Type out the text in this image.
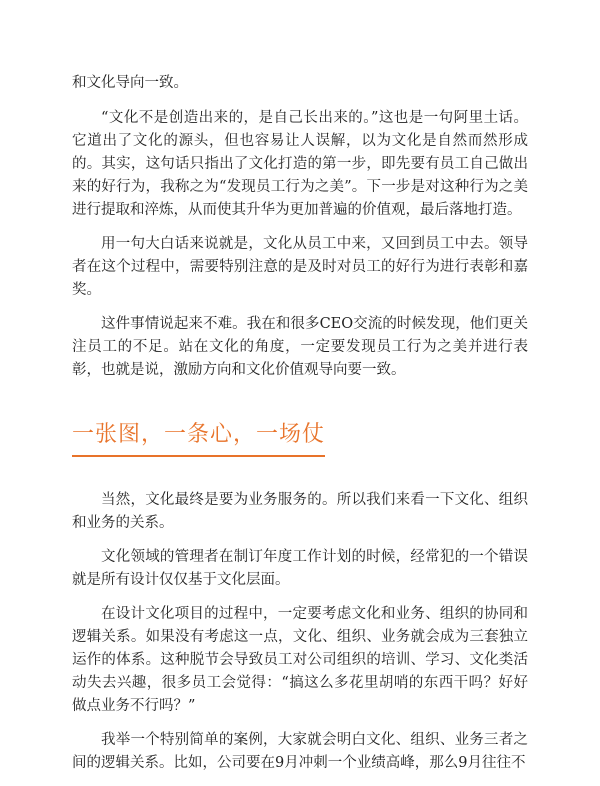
和文化导向一致。

“文化不是创造出来的，是自己长出来的。”这也是一句阿里土话。它道出了文化的源头，但也容易让人误解，以为文化是自然而然形成的。其实，这句话只指出了文化打造的第一步，即先要有员工自己做出来的好行为，我称之为“发现员工行为之美”。下一步是对这种行为之美进行提取和淬炼，从而使其升华为更加普遍的价值观，最后落地打造。

用一句大白话来说就是，文化从员工中来，又回到员工中去。领导者在这个过程中，需要特别注意的是及时对员工的好行为进行表彰和嘉奖。

这件事情说起来不难。我在和很多CEO交流的时候发现，他们更关注员工的不足。站在文化的角度，一定要发现员工行为之美并进行表彰，也就是说，激励方向和文化价值观导向要一致。

一张图，一条心，一场仗

当然，文化最终是要为业务服务的。所以我们来看一下文化、组织和业务的关系。

文化领域的管理者在制订年度工作计划的时候，经常犯的一个错误就是所有设计仅仅基于文化层面。

在设计文化项目的过程中，一定要考虑文化和业务、组织的协同和逻辑关系。如果没有考虑这一点，文化、组织、业务就会成为三套独立运作的体系。这种脱节会导致员工对公司组织的培训、学习、文化类活动失去兴趣，很多员工会觉得：“搞这么多花里胡哨的东西干吗？好好做点业务不行吗？”

我举一个特别简单的案例，大家就会明白文化、组织、业务三者之间的逻辑关系。比如，公司要在9月冲刺一个业绩高峰，那么9月往往不
